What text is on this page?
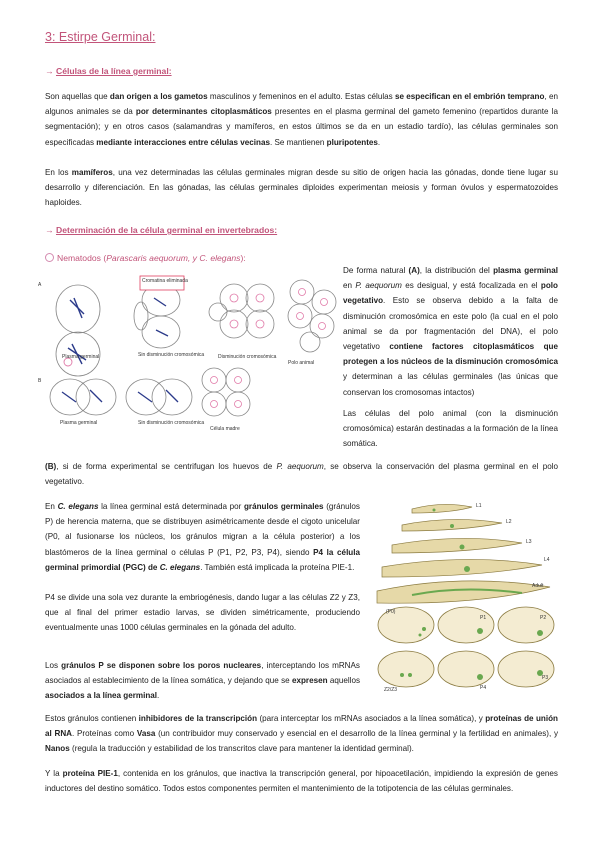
3: Estirpe Germinal:
→ Células de la línea germinal:

Son aquellas que dan origen a los gametos masculinos y femeninos en el adulto. Estas células se especifican en el embrión temprano, en algunos animales se da por determinantes citoplasmáticos presentes en el plasma germinal del gameto femenino (repartidos durante la segmentación); y en otros casos (salamandras y mamíferos, en estos últimos se da en un estadio tardío), las células germinales son especificadas mediante interacciones entre células vecinas. Se mantienen pluripotentes.

En los mamíferos, una vez determinadas las células germinales migran desde su sitio de origen hacia las gónadas, donde tiene lugar su desarrollo y diferenciación. En las gónadas, las células germinales diploides experimentan meiosis y forman óvulos y espermatozoides haploides.

→ Determinación de la célula germinal en invertebrados:
Nematodos (Parascaris aequorum, y C. elegans):
A
B
Cromatina eliminada
Plasma germinal	Sin disminución cromosómica	Disminución cromosómica
Polo animal
Plasma germinal	Sin disminución cromosómica
Célula madre

De forma natural (A), la distribución del plasma germinal en P. aequorum es desigual, y está focalizada en el polo vegetativo. Esto se observa debido a la falta de disminución cromosómica en este polo (la cual en el polo animal se da por fragmentación del DNA), el polo vegetativo contiene factores citoplasmáticos que protegen a los núcleos de la disminución cromosómica y determinan a las células germinales (las únicas que conservan los cromosomas intactos)

Las células del polo animal (con la disminución cromosómica) estarán destinadas a la formación de la línea somática.

(B), si de forma experimental se centrifugan los huevos de P. aequorum, se observa la conservación del plasma germinal en el polo vegetativo.

En C. elegans la línea germinal está determinada por gránulos germinales (gránulos P) de herencia materna, que se distribuyen asimétricamente desde el cigoto unicelular (P0, al fusionarse los núcleos, los gránulos migran a la célula posterior) a los blastómeros de la línea germinal o células P (P1, P2, P3, P4), siendo P4 la célula germinal primordial (PGC) de C. elegans. También está implicada la proteína PIE-1.

P4 se divide una sola vez durante la embriogénesis, dando lugar a las células Z2 y Z3, que al final del primer estadio larvas, se dividen simétricamente, produciendo eventualmente unas 1000 células germinales en la gónada del adulto.

Los gránulos P se disponen sobre los poros nucleares, interceptando los mRNAs asociados al establecimiento de la línea somática, y dejando que se expresen aquellos asociados a la línea germinal.

L1
L2
L3
L4
Adult
(P0)
P1	P2
P3
P4
Z2/Z3

Estos gránulos contienen inhibidores de la transcripción (para interceptar los mRNAs asociados a la línea somática), y proteínas de unión al RNA. Proteínas como Vasa (un contribuidor muy conservado y esencial en el desarrollo de la línea germinal y la fertilidad en animales), y Nanos (regula la traducción y estabilidad de los transcritos clave para mantener la identidad germinal).

Y la proteína PIE-1, contenida en los gránulos, que inactiva la transcripción general, por hipoacetilación, impidiendo la expresión de genes inductores del destino somático. Todos estos componentes permiten el mantenimiento de la totipotencia de las células germinales.
